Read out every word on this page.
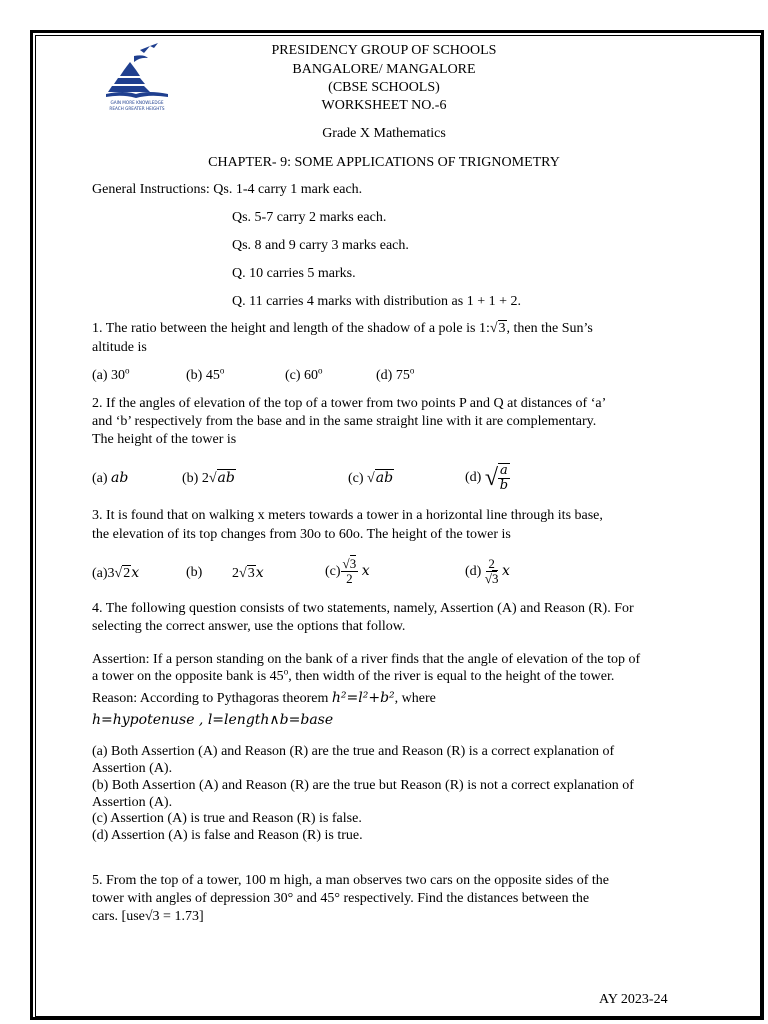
GAIN MORE KNOWLEDGE
REACH GREATER HEIGHTS
PRESIDENCY GROUP OF SCHOOLS
BANGALORE/ MANGALORE
(CBSE SCHOOLS)
WORKSHEET NO.-6
Grade X Mathematics
CHAPTER- 9: SOME APPLICATIONS OF TRIGNOMETRY
General Instructions: Qs. 1-4 carry 1 mark each.
Qs. 5-7 carry 2 marks each.
Qs. 8 and 9 carry 3 marks each.
Q. 10 carries 5 marks.
Q. 11 carries 4 marks with distribution as 1 + 1 + 2.
1. The ratio between the height and length of the shadow of a pole is 1:√3, then the Sun’s
altitude is
(a) 30$^o$	(b) 45$^o$	(c) 60$^o$	(d) 75$^o$
2. If the angles of elevation of the top of a tower from two points P and Q at distances of ‘a’
and ‘b’ respectively from the base and in the same straight line with it are complementary.
The height of the tower is
(a) ab	(b) 2√ab	(c) √ab	(d) √ $\frac{a}{b}$
3. It is found that on walking x meters towards a tower in a horizontal line through its base,
the elevation of its top changes from 30o to 60o. The height of the tower is
(a)3√2x	(b) 2√3x	$(c) \frac{√3}{2}$ x	$(d) \frac{2}{√3}$ x
4. The following question consists of two statements, namely, Assertion (A) and Reason (R). For
selecting the correct answer, use the options that follow.
Assertion: If a person standing on the bank of a river finds that the angle of elevation of the top of
a tower on the opposite bank is 45$^o$, then width of the river is equal to the height of the tower.
Reason: According to Pythagoras theorem h²=l²+b², where
h=hypotenuse , l=length∧b=base
(a) Both Assertion (A) and Reason (R) are the true and Reason (R) is a correct explanation of
Assertion (A).
(b) Both Assertion (A) and Reason (R) are the true but Reason (R) is not a correct explanation of
Assertion (A).
(c) Assertion (A) is true and Reason (R) is false.
(d) Assertion (A) is false and Reason (R) is true.
5. From the top of a tower, 100 m high, a man observes two cars on the opposite sides of the
tower with angles of depression 30° and 45° respectively. Find the distances between the
cars. [use√3 = 1.73]
AY 2023-24
